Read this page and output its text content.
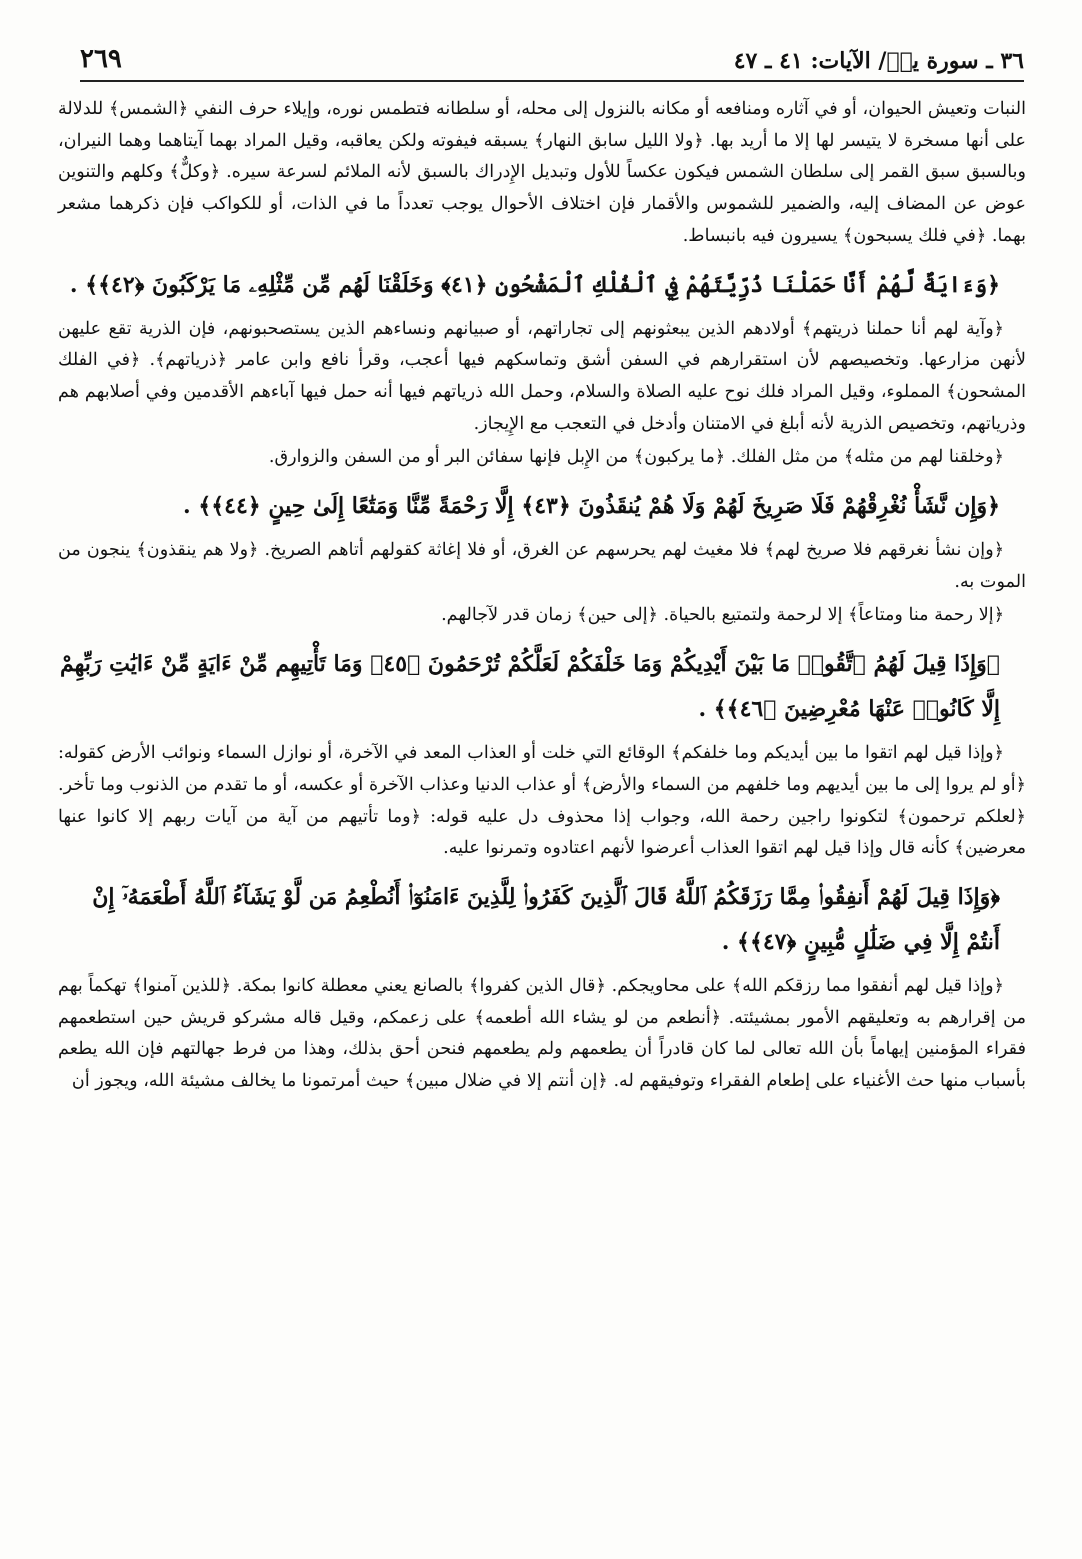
٢٦٩	٣٦ ـ سورة يسۤ/ الآيات: ٤١ ـ ٤٧

النبات وتعيش الحيوان، أو في آثاره ومنافعه أو مكانه بالنزول إلى محله، أو سلطانه فتطمس نوره، وإيلاء حرف النفي ﴿الشمس﴾ للدلالة على أنها مسخرة لا يتيسر لها إلا ما أريد بها. ﴿ولا الليل سابق النهار﴾ يسبقه فيفوته ولكن يعاقبه، وقيل المراد بهما آيتاهما وهما النيران، وبالسبق سبق القمر إلى سلطان الشمس فيكون عكساً للأول وتبديل الإِدراك بالسبق لأنه الملائم لسرعة سيره. ﴿وكلٌّ﴾ وكلهم والتنوين عوض عن المضاف إليه، والضمير للشموس والأقمار فإن اختلاف الأحوال يوجب تعدداً ما في الذات، أو للكواكب فإن ذكرهما مشعر بهما. ﴿في فلك يسبحون﴾ يسيرون فيه بانبساط.

﴿وَءَايَةٌ لَّهُمْ أَنَّا حَمَلْنَا ذُرِّيَّتَهُمْ فِي ٱلْفُلْكِ ٱلْمَشْحُونِ ﴿٤١﴾ وَخَلَقْنَا لَهُم مِّن مِّثْلِهِۦ مَا يَرْكَبُونَ ﴿٤٢﴾﴾ .

﴿وآية لهم أنا حملنا ذريتهم﴾ أولادهم الذين يبعثونهم إلى تجاراتهم، أو صبيانهم ونساءهم الذين يستصحبونهم، فإن الذرية تقع عليهن لأنهن مزارعها. وتخصيصهم لأن استقرارهم في السفن أشق وتماسكهم فيها أعجب، وقرأ نافع وابن عامر ﴿ذرياتهم﴾. ﴿في الفلك المشحون﴾ المملوء، وقيل المراد فلك نوح عليه الصلاة والسلام، وحمل الله ذرياتهم فيها أنه حمل فيها آباءهم الأقدمين وفي أصلابهم هم وذرياتهم، وتخصيص الذرية لأنه أبلغ في الامتنان وأدخل في التعجب مع الإِيجاز.

﴿وخلقنا لهم من مثله﴾ من مثل الفلك. ﴿ما يركبون﴾ من الإِبل فإنها سفائن البر أو من السفن والزوارق.

﴿وَإِن نَّشَأْ نُغْرِقْهُمْ فَلَا صَرِيخَ لَهُمْ وَلَا هُمْ يُنقَذُونَ ﴿٤٣﴾ إِلَّا رَحْمَةً مِّنَّا وَمَتَٰعًا إِلَىٰ حِينٍ ﴿٤٤﴾﴾ .

﴿وإن نشأ نغرقهم فلا صريخ لهم﴾ فلا مغيث لهم يحرسهم عن الغرق، أو فلا إغاثة كقولهم أتاهم الصريخ. ﴿ولا هم ينقذون﴾ ينجون من الموت به.

﴿إلا رحمة منا ومتاعاً﴾ إلا لرحمة ولتمتيع بالحياة. ﴿إلى حين﴾ زمان قدر لآجالهم.

﴿وَإِذَا قِيلَ لَهُمُ ٱتَّقُوا۟ مَا بَيْنَ أَيْدِيكُمْ وَمَا خَلْفَكُمْ لَعَلَّكُمْ تُرْحَمُونَ ﴿٤٥﴾ وَمَا تَأْتِيهِم مِّنْ ءَايَةٍ مِّنْ ءَايَٰتِ رَبِّهِمْ إِلَّا كَانُوا۟ عَنْهَا مُعْرِضِينَ ﴿٤٦﴾﴾ .

﴿وإذا قيل لهم اتقوا ما بين أيديكم وما خلفكم﴾ الوقائع التي خلت أو العذاب المعد في الآخرة، أو نوازل السماء ونوائب الأرض كقوله: ﴿أو لم يروا إلى ما بين أيديهم وما خلفهم من السماء والأرض﴾ أو عذاب الدنيا وعذاب الآخرة أو عكسه، أو ما تقدم من الذنوب وما تأخر. ﴿لعلكم ترحمون﴾ لتكونوا راجين رحمة الله، وجواب إذا محذوف دل عليه قوله: ﴿وما تأتيهم من آية من آيات ربهم إلا كانوا عنها معرضين﴾ كأنه قال وإذا قيل لهم اتقوا العذاب أعرضوا لأنهم اعتادوه وتمرنوا عليه.

﴿وَإِذَا قِيلَ لَهُمْ أَنفِقُوا۟ مِمَّا رَزَقَكُمُ ٱللَّهُ قَالَ ٱلَّذِينَ كَفَرُوا۟ لِلَّذِينَ ءَامَنُوٓا۟ أَنُطْعِمُ مَن لَّوْ يَشَآءُ ٱللَّهُ أَطْعَمَهُۥٓ إِنْ أَنتُمْ إِلَّا فِي ضَلَٰلٍ مُّبِينٍ ﴿٤٧﴾﴾ .

﴿وإذا قيل لهم أنفقوا مما رزقكم الله﴾ على محاويجكم. ﴿قال الذين كفروا﴾ بالصانع يعني معطلة كانوا بمكة. ﴿للذين آمنوا﴾ تهكماً بهم من إقرارهم به وتعليقهم الأمور بمشيئته. ﴿أنطعم من لو يشاء الله أطعمه﴾ على زعمكم، وقيل قاله مشركو قريش حين استطعمهم فقراء المؤمنين إيهاماً بأن الله تعالى لما كان قادراً أن يطعمهم ولم يطعمهم فنحن أحق بذلك، وهذا من فرط جهالتهم فإن الله يطعم بأسباب منها حث الأغنياء على إطعام الفقراء وتوفيقهم له. ﴿إن أنتم إلا في ضلال مبين﴾ حيث أمرتمونا ما يخالف مشيئة الله، ويجوز أن
